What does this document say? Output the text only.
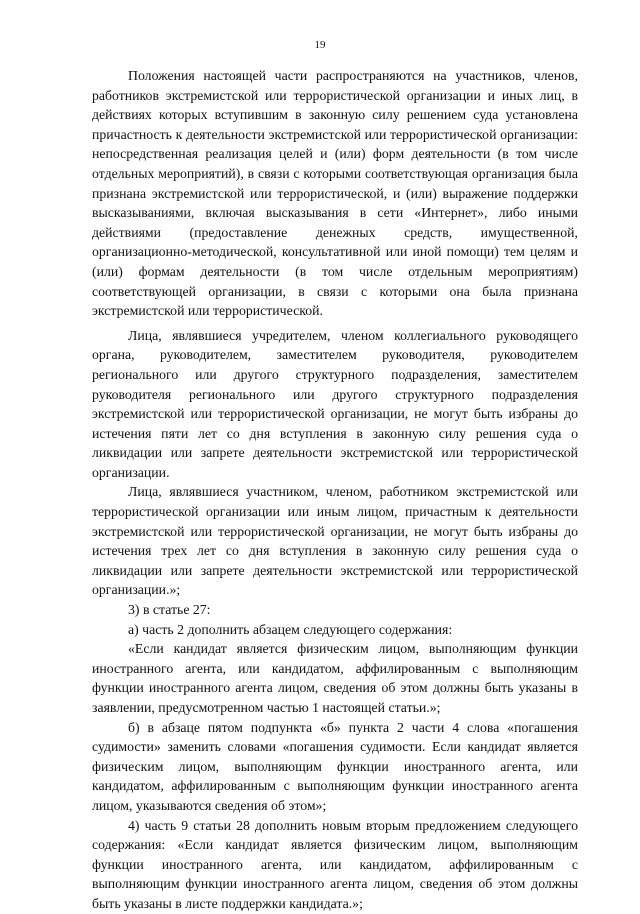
19

Положения настоящей части распространяются на участников, членов, работников экстремистской или террористической организации и иных лиц, в действиях которых вступившим в законную силу решением суда установлена причастность к деятельности экстремистской или террористической организации: непосредственная реализация целей и (или) форм деятельности (в том числе отдельных мероприятий), в связи с которыми соответствующая организация была признана экстремистской или террористической, и (или) выражение поддержки высказываниями, включая высказывания в сети «Интернет», либо иными действиями (предоставление денежных средств, имущественной, организационно-методической, консультативной или иной помощи) тем целям и (или) формам деятельности (в том числе отдельным мероприятиям) соответствующей организации, в связи с которыми она была признана экстремистской или террористической.

Лица, являвшиеся учредителем, членом коллегиального руководящего органа, руководителем, заместителем руководителя, руководителем регионального или другого структурного подразделения, заместителем руководителя регионального или другого структурного подразделения экстремистской или террористической организации, не могут быть избраны до истечения пяти лет со дня вступления в законную силу решения суда о ликвидации или запрете деятельности экстремистской или террористической организации.

Лица, являвшиеся участником, членом, работником экстремистской или террористической организации или иным лицом, причастным к деятельности экстремистской или террористической организации, не могут быть избраны до истечения трех лет со дня вступления в законную силу решения суда о ликвидации или запрете деятельности экстремистской или террористической организации.»;

3) в статье 27:

а) часть 2 дополнить абзацем следующего содержания:

«Если кандидат является физическим лицом, выполняющим функции иностранного агента, или кандидатом, аффилированным с выполняющим функции иностранного агента лицом, сведения об этом должны быть указаны в заявлении, предусмотренном частью 1 настоящей статьи.»;

б) в абзаце пятом подпункта «б» пункта 2 части 4 слова «погашения судимости» заменить словами «погашения судимости. Если кандидат является физическим лицом, выполняющим функции иностранного агента, или кандидатом, аффилированным с выполняющим функции иностранного агента лицом, указываются сведения об этом»;

4) часть 9 статьи 28 дополнить новым вторым предложением следующего содержания: «Если кандидат является физическим лицом, выполняющим функции иностранного агента, или кандидатом, аффилированным с выполняющим функции иностранного агента лицом, сведения об этом должны быть указаны в листе поддержки кандидата.»;
